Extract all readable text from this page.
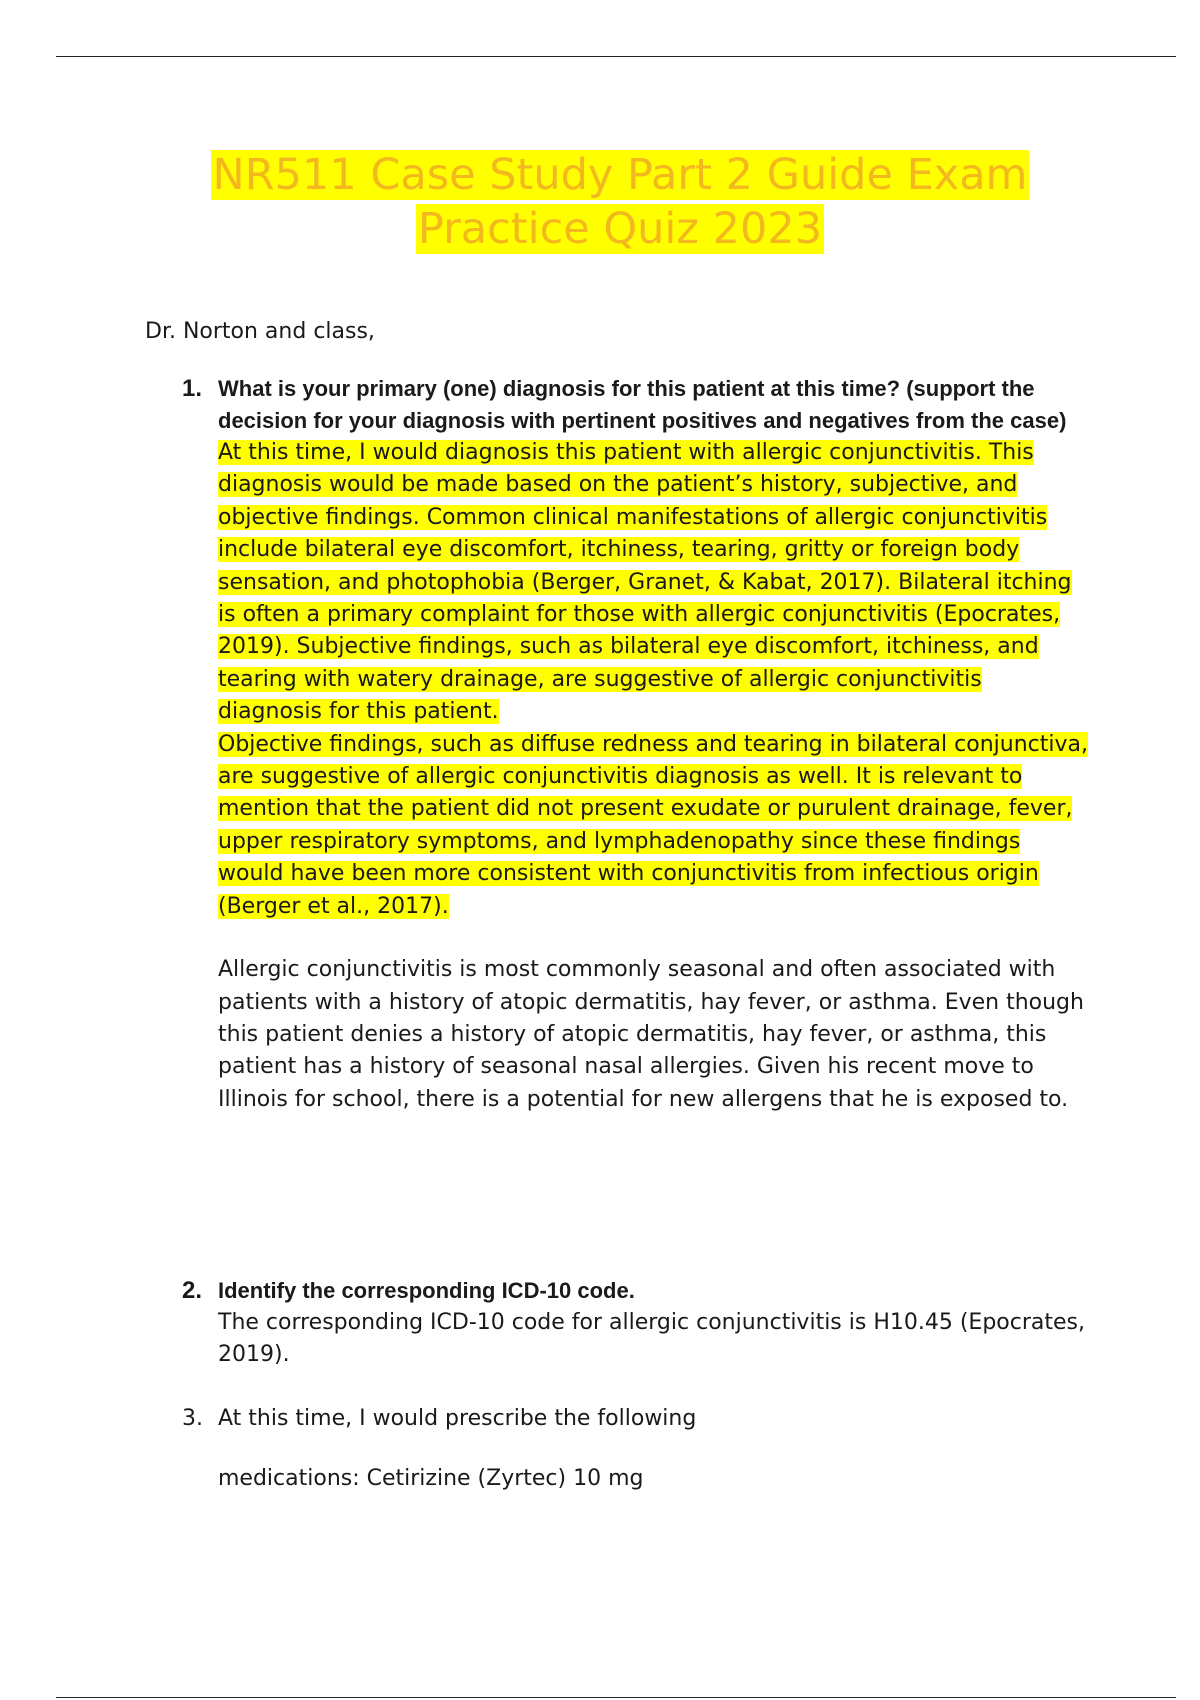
NR511 Case Study Part 2 Guide Exam
Practice Quiz 2023
Dr. Norton and class,
1. What is your primary (one) diagnosis for this patient at this time? (support the decision for your diagnosis with pertinent positives and negatives from the case)

At this time, I would diagnosis this patient with allergic conjunctivitis. This diagnosis would be made based on the patient’s history, subjective, and objective findings. Common clinical manifestations of allergic conjunctivitis include bilateral eye discomfort, itchiness, tearing, gritty or foreign body sensation, and photophobia (Berger, Granet, & Kabat, 2017). Bilateral itching is often a primary complaint for those with allergic conjunctivitis (Epocrates, 2019). Subjective findings, such as bilateral eye discomfort, itchiness, and tearing with watery drainage, are suggestive of allergic conjunctivitis diagnosis for this patient.

Objective findings, such as diffuse redness and tearing in bilateral conjunctiva, are suggestive of allergic conjunctivitis diagnosis as well. It is relevant to mention that the patient did not present exudate or purulent drainage, fever, upper respiratory symptoms, and lymphadenopathy since these findings would have been more consistent with conjunctivitis from infectious origin (Berger et al., 2017).

Allergic conjunctivitis is most commonly seasonal and often associated with patients with a history of atopic dermatitis, hay fever, or asthma. Even though this patient denies a history of atopic dermatitis, hay fever, or asthma, this patient has a history of seasonal nasal allergies. Given his recent move to Illinois for school, there is a potential for new allergens that he is exposed to.

2. Identify the corresponding ICD-10 code.

The corresponding ICD-10 code for allergic conjunctivitis is H10.45 (Epocrates, 2019).

3. At this time, I would prescribe the following

medications: Cetirizine (Zyrtec) 10 mg
